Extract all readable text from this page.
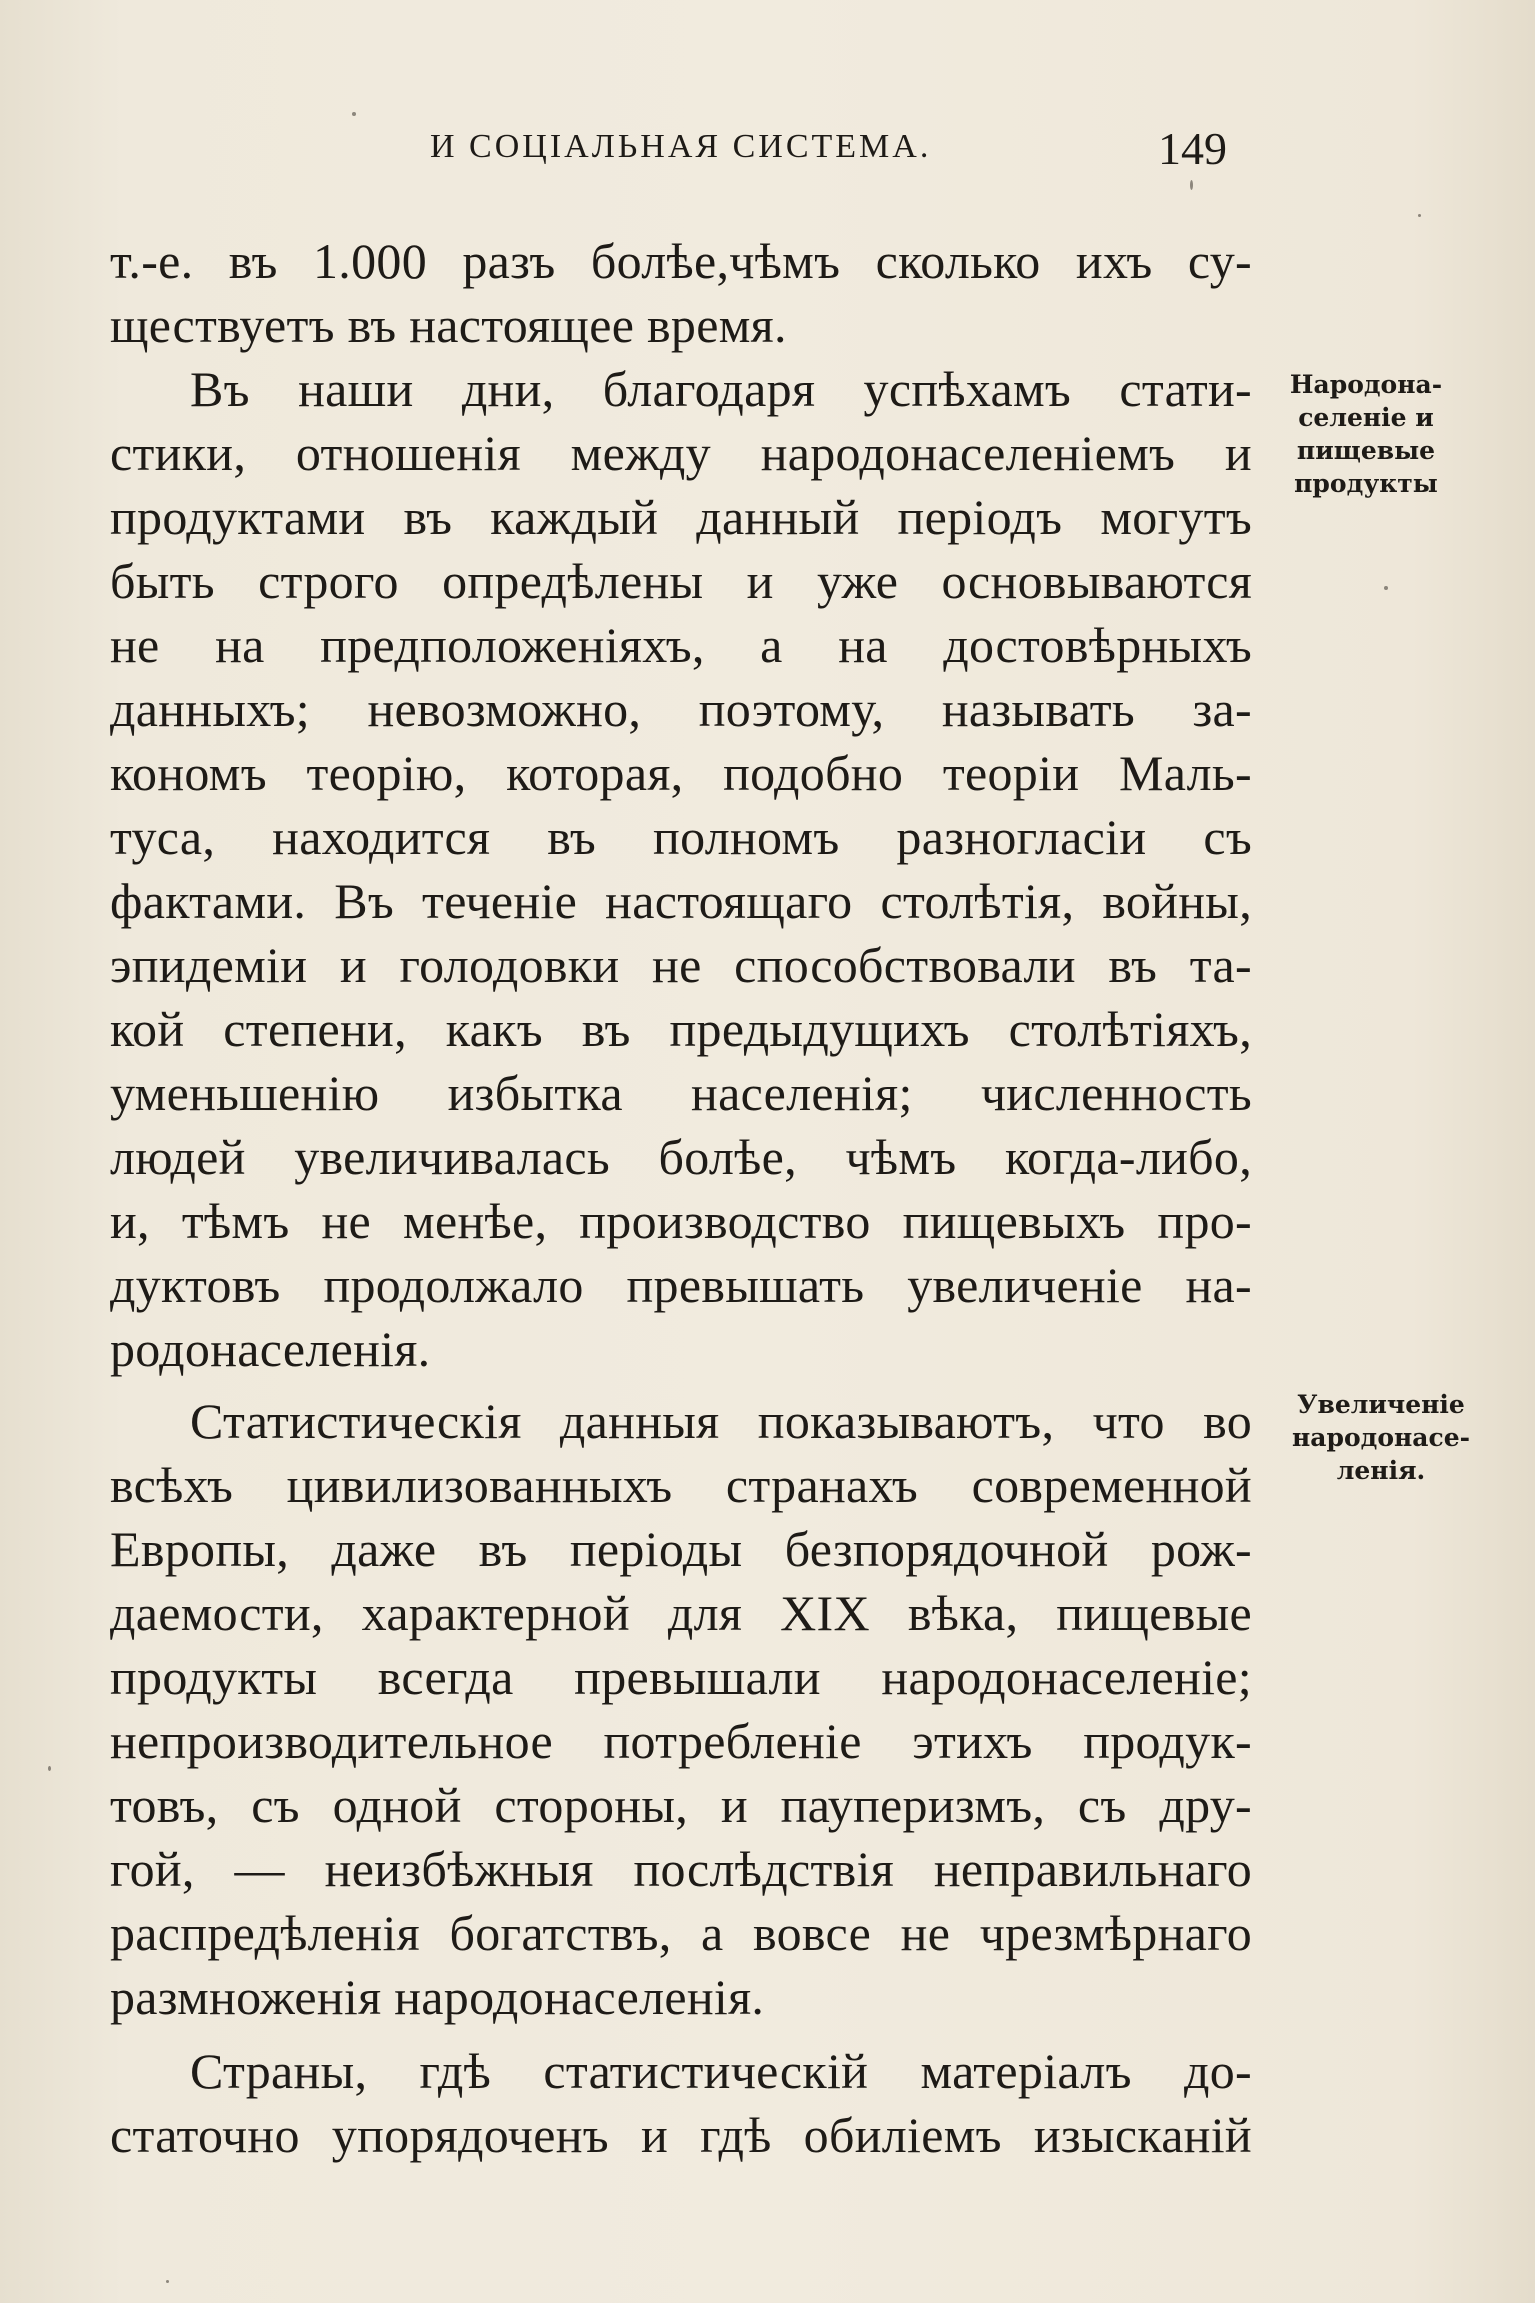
И СОЦІАЛЬНАЯ СИСТЕМА.	149
т.-е. въ 1.000 разъ болѣе,чѣмъ сколько ихъ су-
ществуетъ въ настоящее время.
Въ наши дни, благодаря успѣхамъ стати-
стики, отношенія между народонаселеніемъ и
продуктами въ каждый данный періодъ могутъ
быть строго опредѣлены и уже основываются
не на предположеніяхъ, а на достовѣрныхъ
данныхъ; невозможно, поэтому, называть за-
кономъ теорію, которая, подобно теоріи Маль-
туса, находится въ полномъ разногласіи съ
фактами. Въ теченіе настоящаго столѣтія, войны,
эпидеміи и голодовки не способствовали въ та-
кой степени, какъ въ предыдущихъ столѣтіяхъ,
уменьшенію избытка населенія; численность
людей увеличивалась болѣе, чѣмъ когда-либо,
и, тѣмъ не менѣе, производство пищевыхъ про-
дуктовъ продолжало превышать увеличеніе на-
родонаселенія.
Статистическія данныя показываютъ, что во
всѣхъ цивилизованныхъ странахъ современной
Европы, даже въ періоды безпорядочной рож-
даемости, характерной для XIX вѣка, пищевые
продукты всегда превышали народонаселеніе;
непроизводительное потребленіе этихъ продук-
товъ, съ одной стороны, и пауперизмъ, съ дру-
гой, — неизбѣжныя послѣдствія неправильнаго
распредѣленія богатствъ, а вовсе не чрезмѣрнаго
размноженія народонаселенія.
Страны, гдѣ статистическій матеріалъ до-
статочно упорядоченъ и гдѣ обиліемъ изысканій
Народона-
селеніе и
пищевые
продукты
Увеличеніе
народонасе-
ленія.
